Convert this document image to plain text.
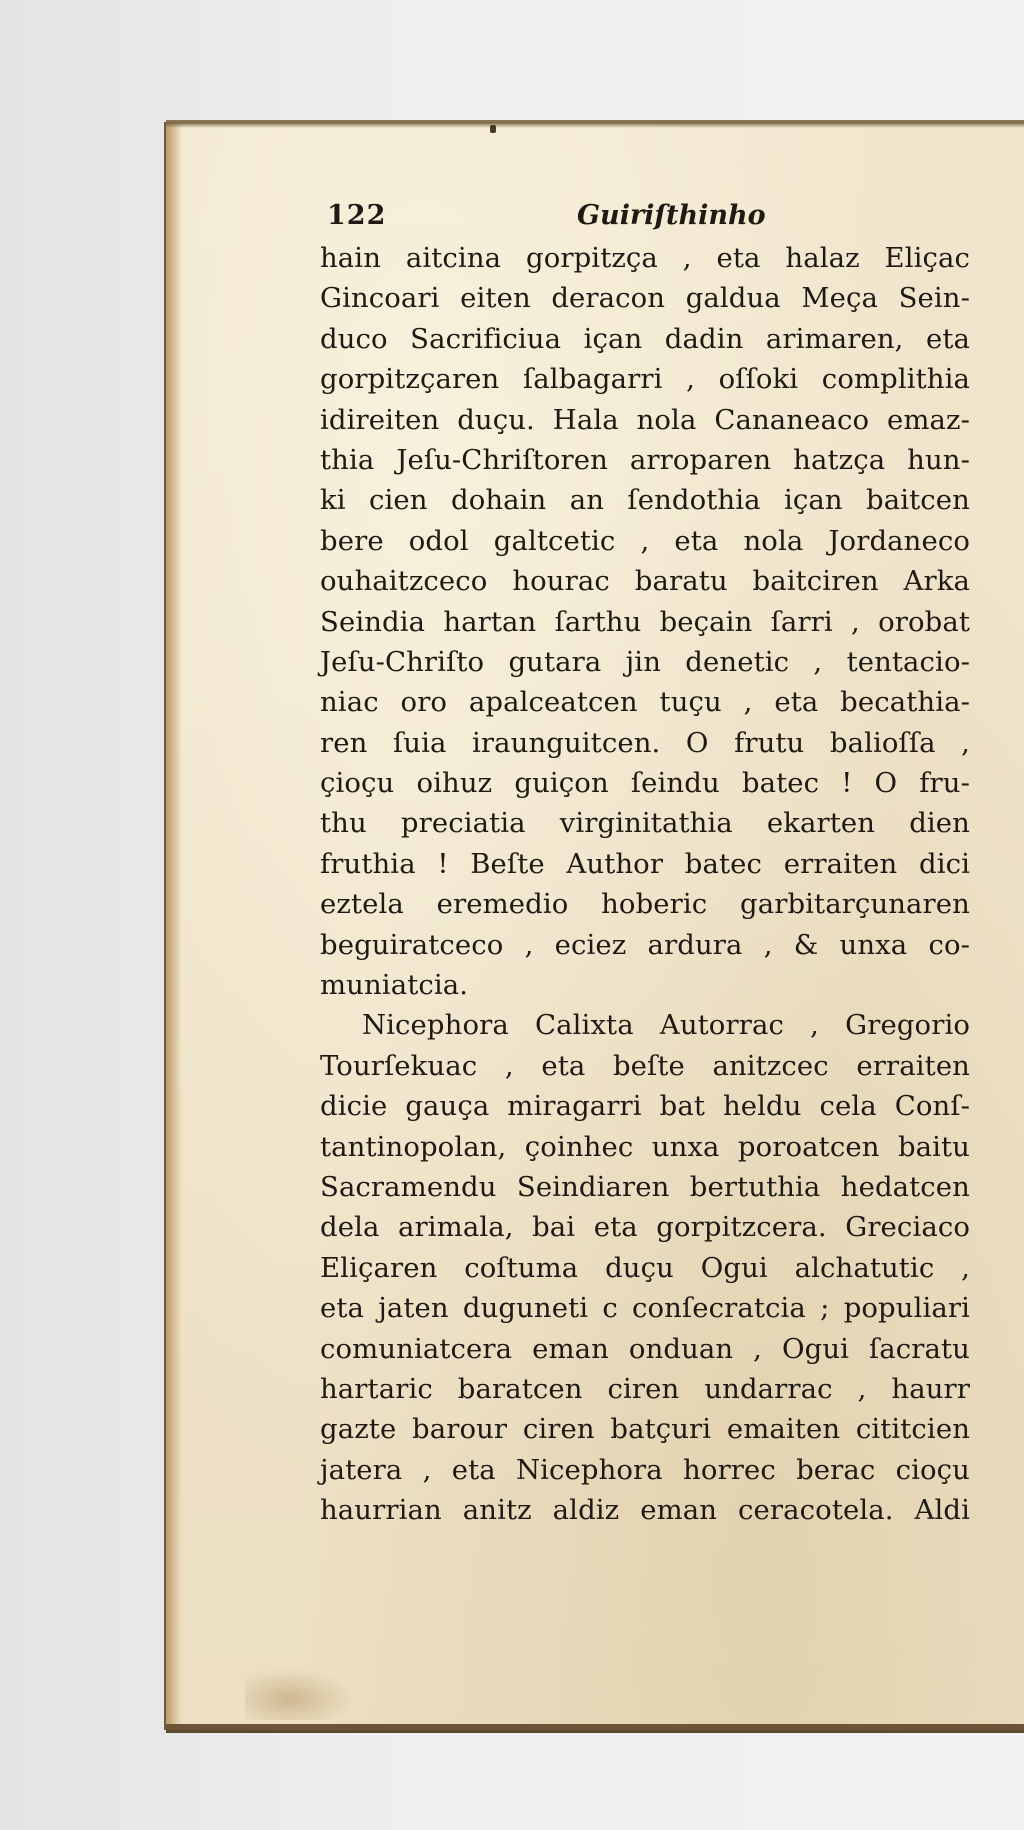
122	Guiriſthinho
hain aitcina gorpitzça , eta halaz Eliçac
Gincoari eiten deracon galdua Meça Sein-
duco Sacrificiua içan dadin arimaren, eta
gorpitzçaren ſalbagarri , oſſoki complithia
idireiten duçu. Hala nola Cananeaco emaz-
thia Jeſu-Chriſtoren arroparen hatzça hun-
ki cien dohain an ſendothia içan baitcen
bere odol galtcetic , eta nola Jordaneco
ouhaitzceco hourac baratu baitciren Arka
Seindia hartan ſarthu beçain ſarri , orobat
Jeſu-Chriſto gutara jin denetic , tentacio-
niac oro apalceatcen tuçu , eta becathia-
ren ſuia iraunguitcen. O frutu balioſſa ,
çioçu oihuz guiçon ſeindu batec ! O fru-
thu preciatia virginitathia ekarten dien
fruthia ! Beſte Author batec erraiten dici
eztela eremedio hoberic garbitarçunaren
beguiratceco , eciez ardura , & unxa co-
muniatcia.
Nicephora Calixta Autorrac , Gregorio
Tourſekuac , eta beſte anitzcec erraiten
dicie gauça miragarri bat heldu cela Conſ-
tantinopolan, çoinhec unxa poroatcen baitu
Sacramendu Seindiaren bertuthia hedatcen
dela arimala, bai eta gorpitzcera. Greciaco
Eliçaren coſtuma duçu Ogui alchatutic ,
eta jaten duguneti c conſecratcia ; populiari
comuniatcera eman onduan , Ogui ſacratu
hartaric baratcen ciren undarrac , haurr
gazte barour ciren batçuri emaiten cititcien
jatera , eta Nicephora horrec berac cioçu
haurrian anitz aldiz eman ceracotela. Aldi
